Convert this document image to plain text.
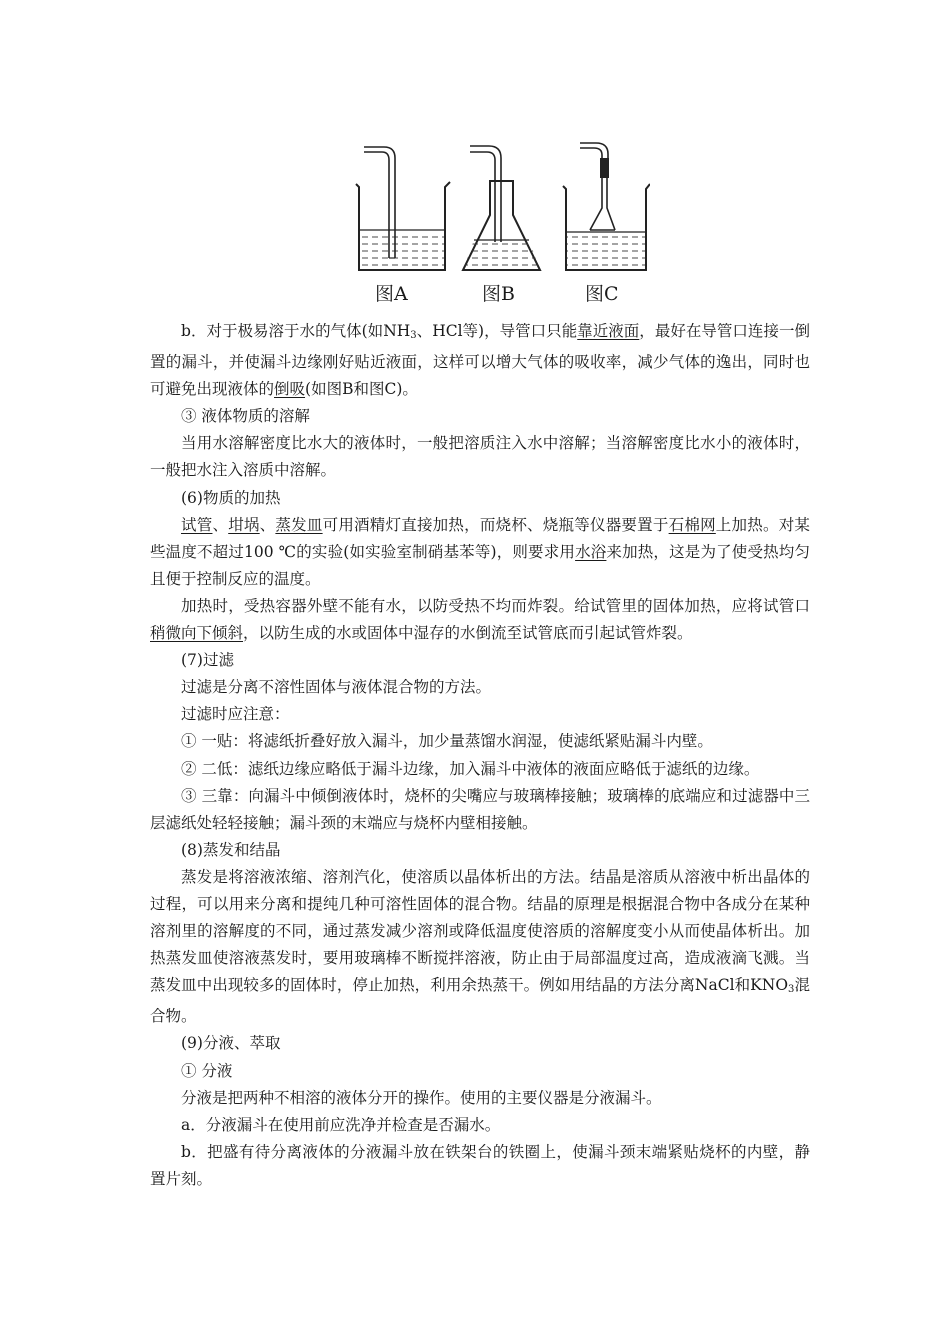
图A	图B	图C

b．对于极易溶于水的气体(如$NH_3$、HCl等)，导管口只能靠近液面，最好在导管口连接一倒置的漏斗，并使漏斗边缘刚好贴近液面，这样可以增大气体的吸收率，减少气体的逸出，同时也可避免出现液体的倒吸(如图B和图C)。

③ 液体物质的溶解

当用水溶解密度比水大的液体时，一般把溶质注入水中溶解；当溶解密度比水小的液体时，一般把水注入溶质中溶解。

(6)物质的加热

试管、坩埚、蒸发皿可用酒精灯直接加热，而烧杯、烧瓶等仪器要置于石棉网上加热。对某些温度不超过100 ℃的实验(如实验室制硝基苯等)，则要求用水浴来加热，这是为了使受热均匀且便于控制反应的温度。

加热时，受热容器外壁不能有水，以防受热不均而炸裂。给试管里的固体加热，应将试管口稍微向下倾斜，以防生成的水或固体中湿存的水倒流至试管底而引起试管炸裂。

(7)过滤

过滤是分离不溶性固体与液体混合物的方法。

过滤时应注意：

① 一贴：将滤纸折叠好放入漏斗，加少量蒸馏水润湿，使滤纸紧贴漏斗内壁。

② 二低：滤纸边缘应略低于漏斗边缘，加入漏斗中液体的液面应略低于滤纸的边缘。

③ 三靠：向漏斗中倾倒液体时，烧杯的尖嘴应与玻璃棒接触；玻璃棒的底端应和过滤器中三层滤纸处轻轻接触；漏斗颈的末端应与烧杯内壁相接触。

(8)蒸发和结晶

蒸发是将溶液浓缩、溶剂汽化，使溶质以晶体析出的方法。结晶是溶质从溶液中析出晶体的过程，可以用来分离和提纯几种可溶性固体的混合物。结晶的原理是根据混合物中各成分在某种溶剂里的溶解度的不同，通过蒸发减少溶剂或降低温度使溶质的溶解度变小从而使晶体析出。加热蒸发皿使溶液蒸发时，要用玻璃棒不断搅拌溶液，防止由于局部温度过高，造成液滴飞溅。当蒸发皿中出现较多的固体时，停止加热，利用余热蒸干。例如用结晶的方法分离NaCl和$KNO_3$混合物。

(9)分液、萃取

① 分液

分液是把两种不相溶的液体分开的操作。使用的主要仪器是分液漏斗。

a．分液漏斗在使用前应洗净并检查是否漏水。

b．把盛有待分离液体的分液漏斗放在铁架台的铁圈上，使漏斗颈末端紧贴烧杯的内壁，静置片刻。
